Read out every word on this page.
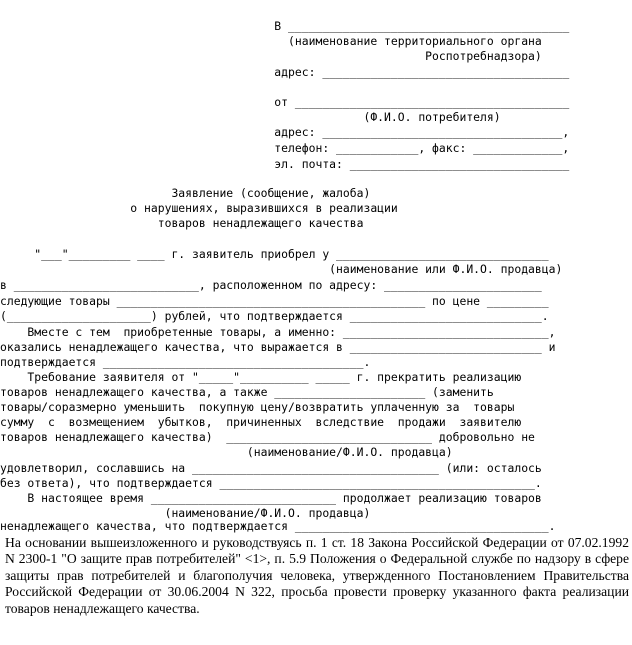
В _________________________________________
(наименование территориального органа
Роспотребнадзора)
адрес: ____________________________________
от ________________________________________
(Ф.И.О. потребителя)
адрес: ___________________________________,
телефон: ____________, факс: _____________,
эл. почта: ________________________________
Заявление (сообщение, жалоба)
о нарушениях, выразившихся в реализации
товаров ненадлежащего качества
"___"_________ ____ г. заявитель приобрел у _______________________________
(наименование или Ф.И.О. продавца)
в ___________________________, расположенном по адресу: _______________________
следующие товары _____________________________________________ по цене _________
(_____________________) рублей, что подтверждается ____________________________.
Вместе с тем  приобретенные товары, а именно: ______________________________,
оказались ненадлежащего качества, что выражается в ____________________________ и
подтверждается ______________________________________.
Требование заявителя от "_____"__________ _____ г. прекратить реализацию
товаров ненадлежащего качества, а также ______________________ (заменить
товары/соразмерно уменьшить  покупную цену/возвратить уплаченную за  товары
сумму  с  возмещением  убытков,  причиненных  вследствие  продажи  заявителю
товаров ненадлежащего качества)  ______________________________ добровольно не
(наименование/Ф.И.О. продавца)
удовлетворил, сославшись на ____________________________________ (или: осталось
без ответа), что подтверждается ______________________________________________.
В настоящее время ___________________________ продолжает реализацию товаров
(наименование/Ф.И.О. продавца)
ненадлежащего качества, что подтверждается _____________________________________.
На основании вышеизложенного и руководствуясь п. 1 ст. 18 Закона Российской Федерации от 07.02.1992 N 2300-1 "О защите прав потребителей" <1>, п. 5.9 Положения о Федеральной службе по надзору в сфере защиты прав потребителей и благополучия человека, утвержденного Постановлением Правительства Российской Федерации от 30.06.2004 N 322, просьба провести проверку указанного факта реализации товаров ненадлежащего качества.
